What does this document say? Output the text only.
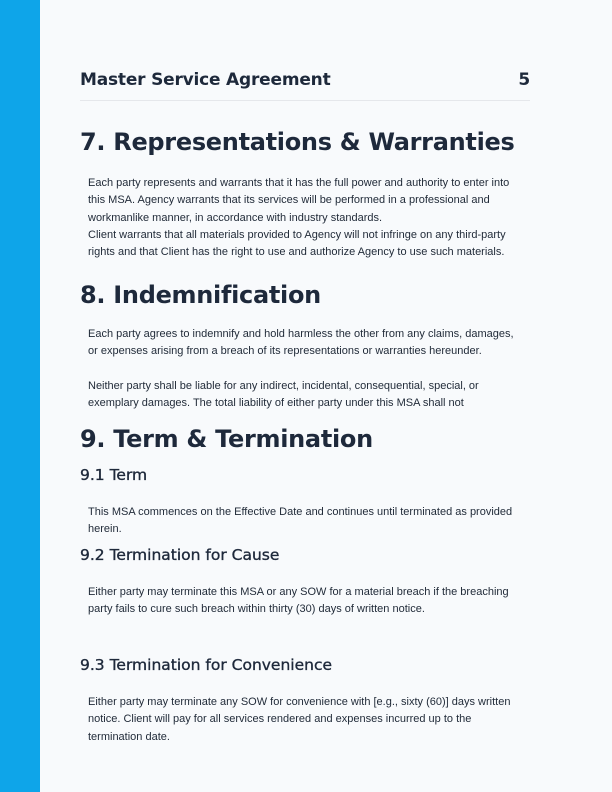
Master Service Agreement	5
7. Representations & Warranties

Each party represents and warrants that it has the full power and authority to enter into this MSA. Agency warrants that its services will be performed in a professional and workmanlike manner, in accordance with industry standards.

Client warrants that all materials provided to Agency will not infringe on any third-party rights and that Client has the right to use and authorize Agency to use such materials.

8. Indemnification

Each party agrees to indemnify and hold harmless the other from any claims, damages, or expenses arising from a breach of its representations or warranties hereunder.

Neither party shall be liable for any indirect, incidental, consequential, special, or exemplary damages. The total liability of either party under this MSA shall not

9. Term & Termination
9.1 Term

This MSA commences on the Effective Date and continues until terminated as provided herein.

9.2 Termination for Cause

Either party may terminate this MSA or any SOW for a material breach if the breaching party fails to cure such breach within thirty (30) days of written notice.

9.3 Termination for Convenience

Either party may terminate any SOW for convenience with [e.g., sixty (60)] days written notice. Client will pay for all services rendered and expenses incurred up to the termination date.
